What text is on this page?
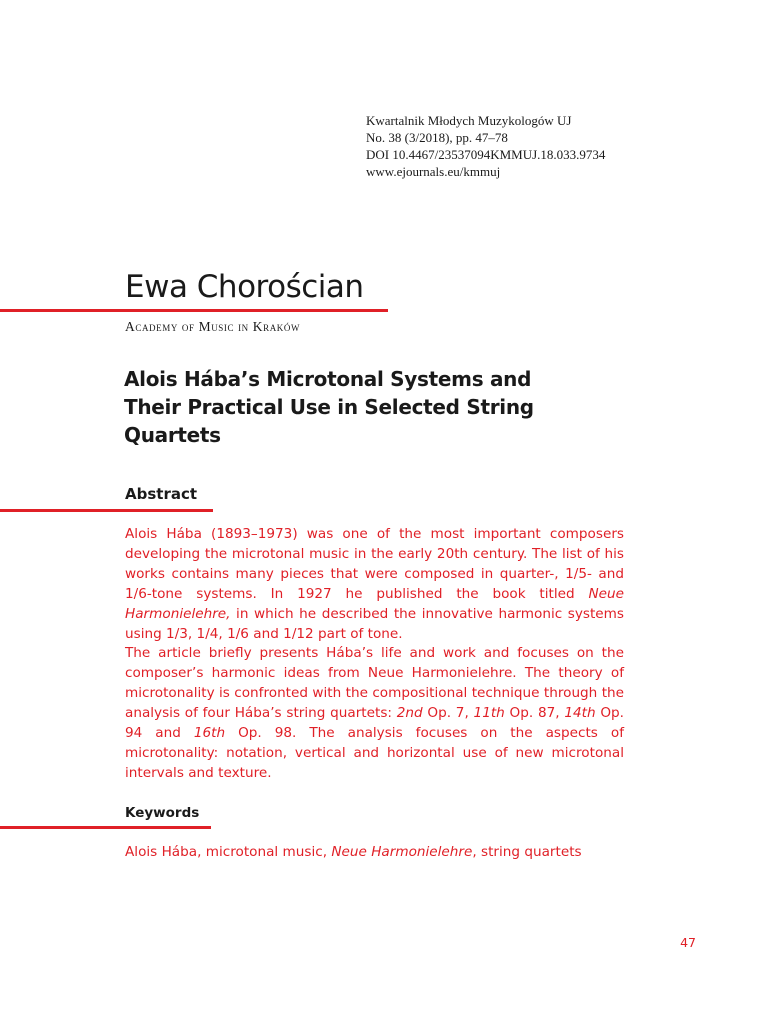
Kwartalnik Młodych Muzykologów UJ
No. 38 (3/2018), pp. 47–78
DOI 10.4467/23537094KMMUJ.18.033.9734
www.ejournals.eu/kmmuj
Ewa Chorościan
Academy of Music in Kraków
Alois Hába’s Microtonal Systems and Their Practical Use in Selected String Quartets
Abstract

Alois Hába (1893–1973) was one of the most important composers developing the microtonal music in the early 20th century. The list of his works contains many pieces that were composed in quarter-, 1/5- and 1/6-tone systems. In 1927 he published the book titled Neue Harmonielehre, in which he described the innovative harmonic systems using 1/3, 1/4, 1/6 and 1/12 part of tone.

The article briefly presents Hába’s life and work and focuses on the composer’s harmonic ideas from Neue Harmonielehre. The theory of microtonality is confronted with the compositional technique through the analysis of four Hába’s string quartets: 2nd Op. 7, 11th Op. 87, 14th Op. 94 and 16th Op. 98. The analysis focuses on the aspects of microtonality: notation, vertical and horizontal use of new microtonal intervals and texture.

Keywords
Alois Hába, microtonal music, Neue Harmonielehre, string quartets
47
